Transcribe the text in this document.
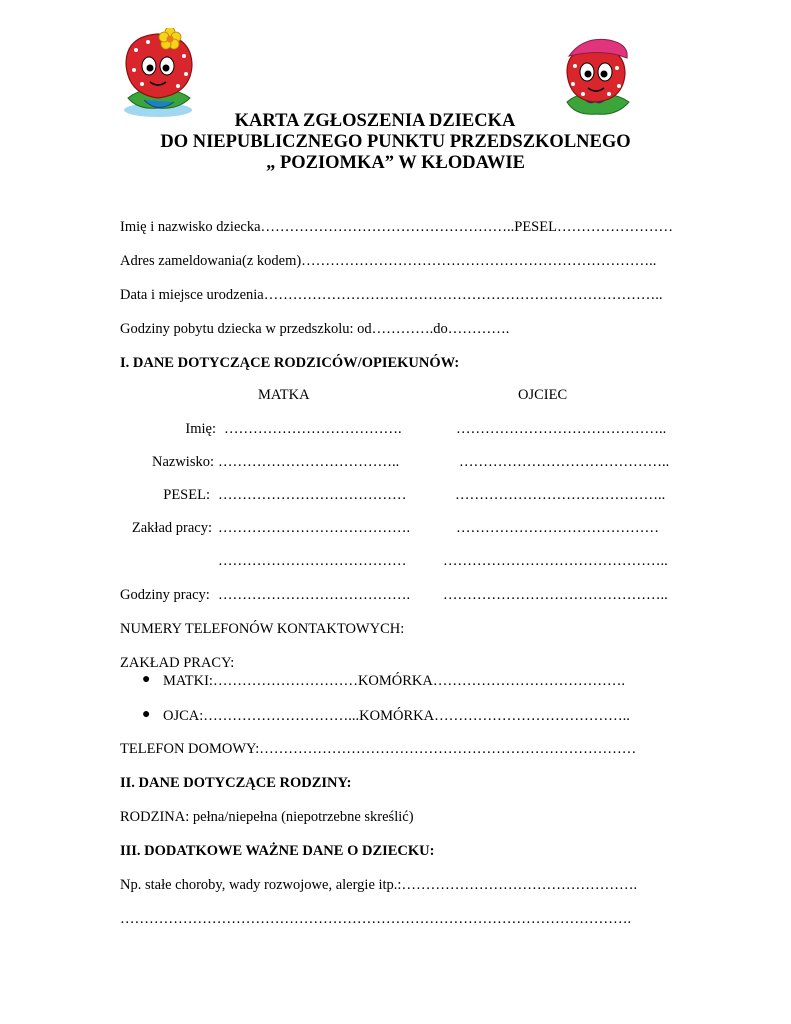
KARTA ZGŁOSZENIA DZIECKA
DO NIEPUBLICZNEGO PUNKTU PRZEDSZKOLNEGO
„ POZIOMKA” W KŁODAWIE
Imię i nazwisko dziecka……………………………………………..PESEL……………………
Adres zameldowania(z kodem)………………………………………………………………..
Data i miejsce urodzenia………………………………………………………………………..
Godziny pobytu dziecka w przedszkolu: od………….do………….
I. DANE DOTYCZĄCE RODZICÓW/OPIEKUNÓW:
MATKA	OJCIEC
Imię: ……………………………….	……………………………………..
Nazwisko: ………………………………..	……………………………………..
PESEL: …………………………………	……………………………………..
Zakład pracy: ………………………………….	……………………………………
…………………………………	………………………………………..
Godziny pracy: …………………………………. ………………………………………..
NUMERY TELEFONÓW KONTAKTOWYCH:
ZAKŁAD PRACY:
● MATKI:…………………………KOMÓRKA………………………………….
● OJCA:…………………………...KOMÓRKA…………………………………..
TELEFON DOMOWY:……………………………………………………………………
II. DANE DOTYCZĄCE RODZINY:
RODZINA: pełna/niepełna (niepotrzebne skreślić)
III. DODATKOWE WAŻNE DANE O DZIECKU:
Np. stałe choroby, wady rozwojowe, alergie itp.:………………………………………….
…………………………………………………………………………………………….
